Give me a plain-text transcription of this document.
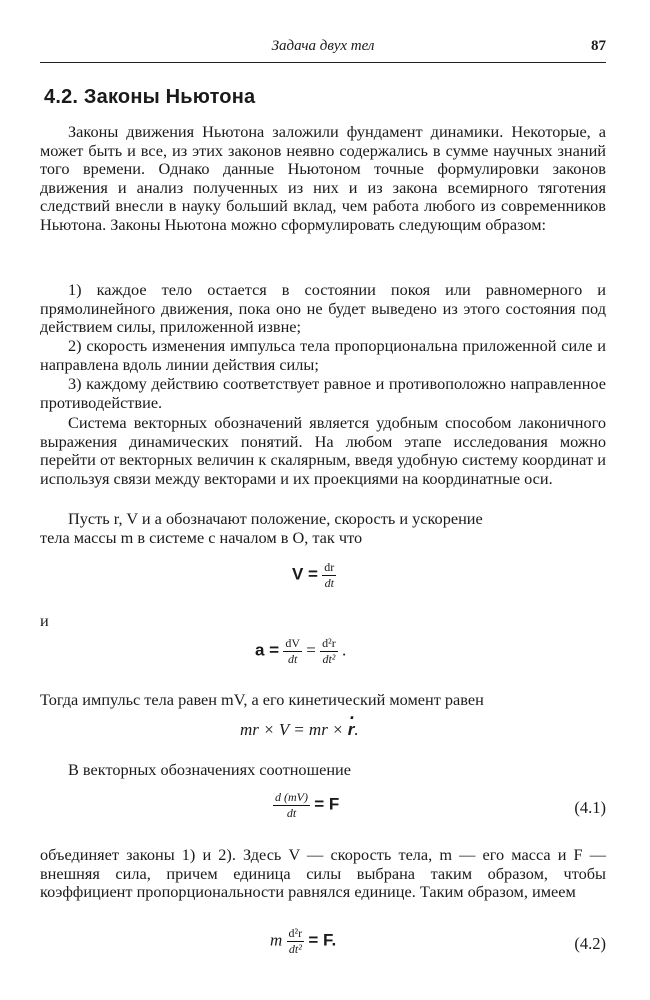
Задача двух тел	87
4.2. Законы Ньютона

Законы движения Ньютона заложили фундамент динамики. Некоторые, а может быть и все, из этих законов неявно содержались в сумме научных знаний того времени. Однако данные Ньютоном точные формулировки законов движения и анализ полученных из них и из закона всемирного тяготения следствий внесли в науку больший вклад, чем работа любого из современников Ньютона. Законы Ньютона можно сформулировать следующим образом:

1) каждое тело остается в состоянии покоя или равномерного и прямолинейного движения, пока оно не будет выведено из этого состояния под действием силы, приложенной извне;

2) скорость изменения импульса тела пропорциональна приложенной силе и направлена вдоль линии действия силы;

3) каждому действию соответствует равное и противоположно направленное противодействие.

Система векторных обозначений является удобным способом лаконичного выражения динамических понятий. На любом этапе исследования можно перейти от векторных величин к скалярным, введя удобную систему координат и используя связи между векторами и их проекциями на координатные оси.

Пусть r, V и a обозначают положение, скорость и ускорение

тела массы m в системе с началом в O, так что

$V = \frac{dr}{dt}$

и

$a = \frac{dV}{dt} = \frac{\text{d²r}}{\text{dt²}}$ .

Тогда импульс тела равен mV, а его кинетический момент равен

mr × V = mr × · r.

В векторных обозначениях соотношение

$\frac{d (mV)}{dt} = F$	(4.1)

объединяет законы 1) и 2). Здесь V — скорость тела, m — его масса и F — внешняя сила, причем единица силы выбрана таким образом, чтобы коэффициент пропорциональности равнялся единице. Таким образом, имеем

m $\frac{\text{d²r}}{\text{dt²}} = F$.	(4.2)
